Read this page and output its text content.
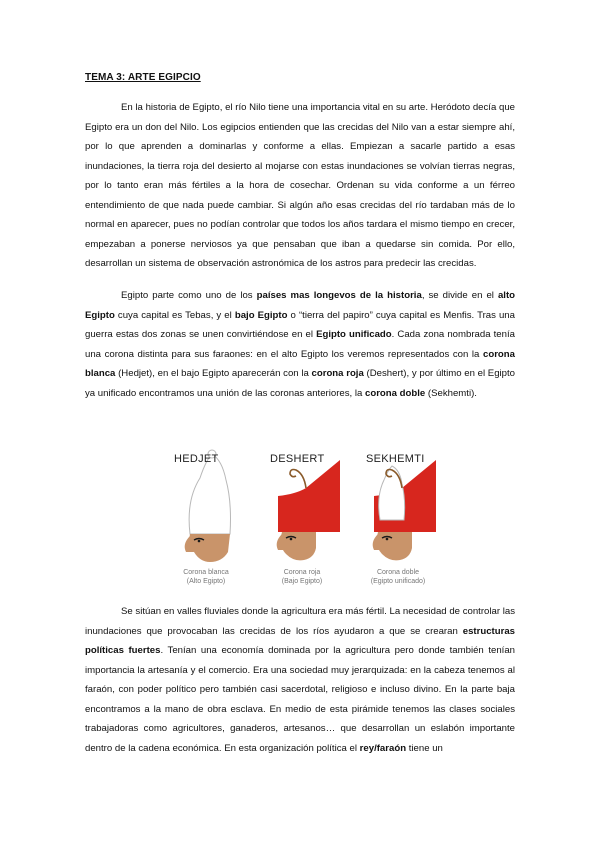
TEMA 3: ARTE EGIPCIO

En la historia de Egipto, el río Nilo tiene una importancia vital en su arte. Heródoto decía que Egipto era un don del Nilo. Los egipcios entienden que las crecidas del Nilo van a estar siempre ahí, por lo que aprenden a dominarlas y conforme a ellas. Empiezan a sacarle partido a esas inundaciones, la tierra roja del desierto al mojarse con estas inundaciones se volvían tierras negras, por lo tanto eran más fértiles a la hora de cosechar. Ordenan su vida conforme a un férreo entendimiento de que nada puede cambiar. Si algún año esas crecidas del río tardaban más de lo normal en aparecer, pues no podían controlar que todos los años tardara el mismo tiempo en crecer, empezaban a ponerse nerviosos ya que pensaban que iban a quedarse sin comida. Por ello, desarrollan un sistema de observación astronómica de los astros para predecir las crecidas.

Egipto parte como uno de los países mas longevos de la historia, se divide en el alto Egipto cuya capital es Tebas, y el bajo Egipto o “tierra del papiro” cuya capital es Menfis. Tras una guerra estas dos zonas se unen convirtiéndose en el Egipto unificado. Cada zona nombrada tenía una corona distinta para sus faraones: en el alto Egipto los veremos representados con la corona blanca (Hedjet), en el bajo Egipto aparecerán con la corona roja (Deshert), y por último en el Egipto ya unificado encontramos una unión de las coronas anteriores, la corona doble (Sekhemti).

HEDJET
Corona blanca
(Alto Egipto)
DESHERT
Corona roja
(Bajo Egipto)
SEKHEMTI
Corona doble
(Egipto unificado)

Se sitúan en valles fluviales donde la agricultura era más fértil. La necesidad de controlar las inundaciones que provocaban las crecidas de los ríos ayudaron a que se crearan estructuras políticas fuertes. Tenían una economía dominada por la agricultura pero donde también tenían importancia la artesanía y el comercio. Era una sociedad muy jerarquizada: en la cabeza tenemos al faraón, con poder político pero también casi sacerdotal, religioso e incluso divino. En la parte baja encontramos a la mano de obra esclava. En medio de esta pirámide tenemos las clases sociales trabajadoras como agricultores, ganaderos, artesanos… que desarrollan un eslabón importante dentro de la cadena económica. En esta organización política el rey/faraón tiene un
